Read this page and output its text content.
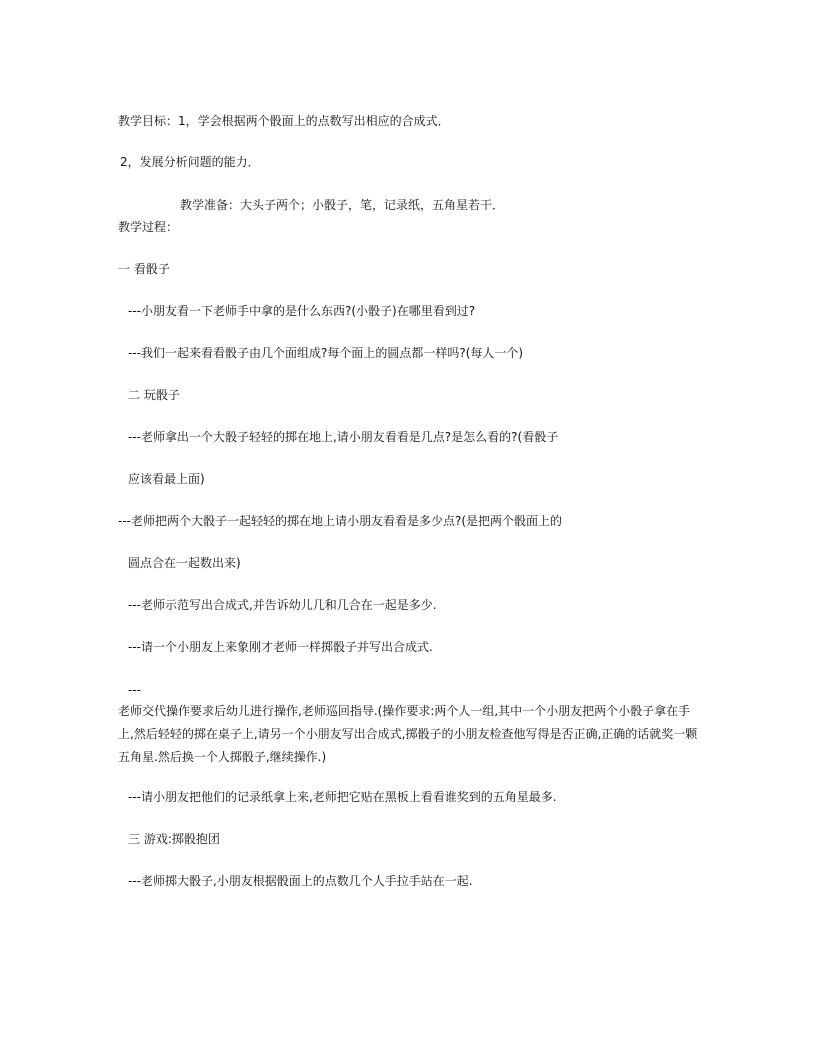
教学目标：1，学会根据两个骰面上的点数写出相应的合成式．
2，发展分析问题的能力．
教学准备：大头子两个；小骰子，笔，记录纸，五角星若干．
教学过程：
一 看骰子
---小朋友看一下老师手中拿的是什么东西?(小骰子)在哪里看到过?
---我们一起来看看骰子由几个面组成?每个面上的圆点都一样吗?(每人一个)
二 玩骰子
---老师拿出一个大骰子轻轻的掷在地上,请小朋友看看是几点?是怎么看的?(看骰子
应该看最上面)
---老师把两个大骰子一起轻轻的掷在地上请小朋友看看是多少点?(是把两个骰面上的
圆点合在一起数出来)
---老师示范写出合成式,并告诉幼儿几和几合在一起是多少.
---请一个小朋友上来象刚才老师一样掷骰子并写出合成式.
---
老师交代操作要求后幼儿进行操作,老师巡回指导.(操作要求:两个人一组,其中一个小朋友把两个小骰子拿在手上,然后轻轻的掷在桌子上,请另一个小朋友写出合成式,掷骰子的小朋友检查他写得是否正确,正确的话就奖一颗五角星.然后换一个人掷骰子,继续操作.)
---请小朋友把他们的记录纸拿上来,老师把它贴在黑板上看看谁奖到的五角星最多.
三 游戏:掷骰抱团
---老师掷大骰子,小朋友根据骰面上的点数几个人手拉手站在一起.
